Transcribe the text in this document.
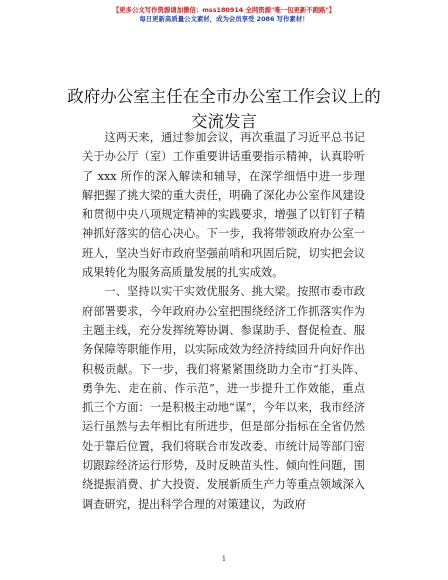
【更多公文写作资源请加微信：mss180914 全网资源"唯一包更新不跑路"】
每日更新高质量公文素材，成为会员享受 2086 写作素材！
政府办公室主任在全市办公室工作会议上的交流发言

这两天来，通过参加会议，再次重温了习近平总书记关于办公厅（室）工作重要讲话重要指示精神，认真聆听了 xxx 所作的深入解读和辅导，在深学细悟中进一步理解把握了挑大梁的重大责任，明确了深化办公室作风建设和贯彻中央八项规定精神的实践要求，增强了以钉钉子精神抓好落实的信心决心。下一步，我将带领政府办公室一班人，坚决当好市政府坚强前哨和巩固后院，切实把会议成果转化为服务高质量发展的扎实成效。

一、坚持以实干实效优服务、挑大梁。按照市委市政府部署要求，今年政府办公室把围绕经济工作抓落实作为主题主线，充分发挥统筹协调、参谋助手、督促检查、服务保障等职能作用，以实际成效为经济持续回升向好作出积极贡献。下一步，我们将紧紧围绕助力全市“打头阵、勇争先、走在前、作示范”，进一步提升工作效能，重点抓三个方面：一是积极主动地“谋”，今年以来，我市经济运行虽然与去年相比有所进步，但是部分指标在全省仍然处于靠后位置，我们将联合市发改委、市统计局等部门密切跟踪经济运行形势，及时反映苗头性、倾向性问题，围绕提振消费、扩大投资、发展新质生产力等重点领域深入调查研究，提出科学合理的对策建议，为政府

1
